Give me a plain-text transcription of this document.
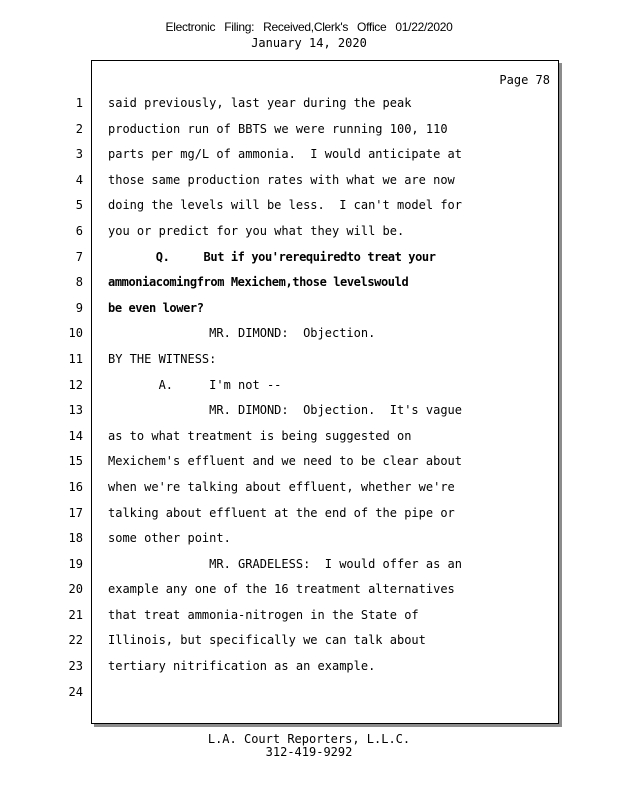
Electronic Filing: Received,Clerk's Office 01/22/2020
January 14, 2020
Page 78
1
2
3
4
5
6
7
8
9
10
11
12
13
14
15
16
17
18
19
20
21
22
23
24
said previously, last year during the peak
production run of BBTS we were running 100, 110
parts per mg/L of ammonia.  I would anticipate at
those same production rates with what we are now
doing the levels will be less.  I can't model for
you or predict for you what they will be.
Q.     But if you'rerequiredto treat your
ammoniacomingfrom Mexichem,those levelswould
be even lower?
MR. DIMOND:  Objection.
BY THE WITNESS:
A.     I'm not --
MR. DIMOND:  Objection.  It's vague
as to what treatment is being suggested on
Mexichem's effluent and we need to be clear about
when we're talking about effluent, whether we're
talking about effluent at the end of the pipe or
some other point.
MR. GRADELESS:  I would offer as an
example any one of the 16 treatment alternatives
that treat ammonia-nitrogen in the State of
Illinois, but specifically we can talk about
tertiary nitrification as an example.
L.A. Court Reporters, L.L.C.
312-419-9292
